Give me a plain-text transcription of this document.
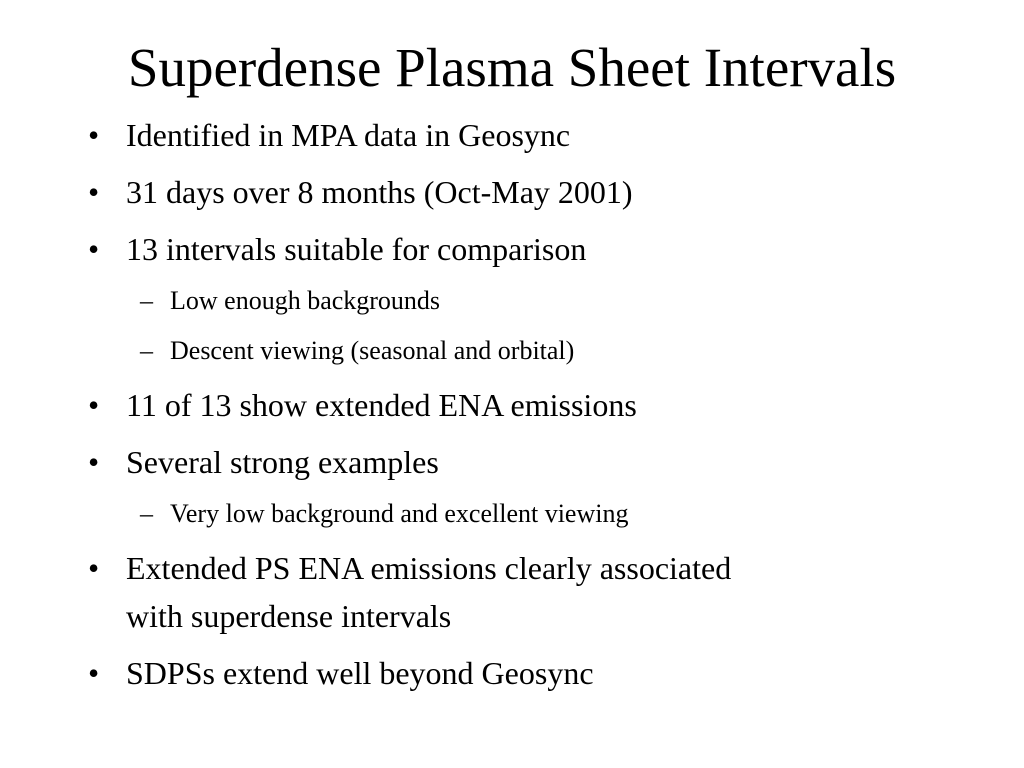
Superdense Plasma Sheet Intervals
• Identified in MPA data in Geosync
• 31 days over 8 months (Oct-May 2001)
• 13 intervals suitable for comparison
– Low enough backgrounds
– Descent viewing (seasonal and orbital)
• 11 of 13 show extended ENA emissions
• Several strong examples
– Very low background and excellent viewing
• Extended PS ENA emissions clearly associated
with superdense intervals
• SDPSs extend well beyond Geosync
